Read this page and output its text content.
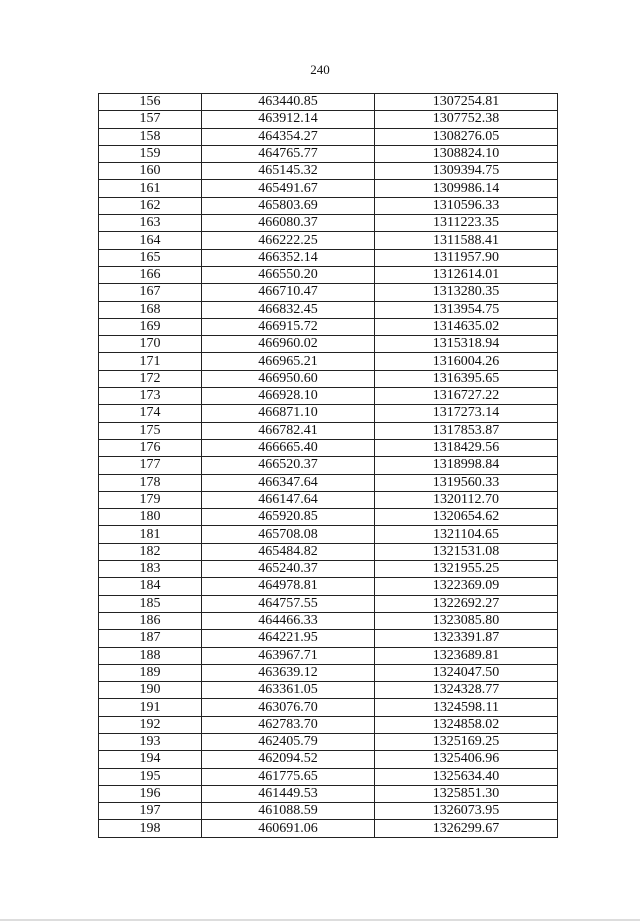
240
156	463440.85	1307254.81
157	463912.14	1307752.38
158	464354.27	1308276.05
159	464765.77	1308824.10
160	465145.32	1309394.75
161	465491.67	1309986.14
162	465803.69	1310596.33
163	466080.37	1311223.35
164	466222.25	1311588.41
165	466352.14	1311957.90
166	466550.20	1312614.01
167	466710.47	1313280.35
168	466832.45	1313954.75
169	466915.72	1314635.02
170	466960.02	1315318.94
171	466965.21	1316004.26
172	466950.60	1316395.65
173	466928.10	1316727.22
174	466871.10	1317273.14
175	466782.41	1317853.87
176	466665.40	1318429.56
177	466520.37	1318998.84
178	466347.64	1319560.33
179	466147.64	1320112.70
180	465920.85	1320654.62
181	465708.08	1321104.65
182	465484.82	1321531.08
183	465240.37	1321955.25
184	464978.81	1322369.09
185	464757.55	1322692.27
186	464466.33	1323085.80
187	464221.95	1323391.87
188	463967.71	1323689.81
189	463639.12	1324047.50
190	463361.05	1324328.77
191	463076.70	1324598.11
192	462783.70	1324858.02
193	462405.79	1325169.25
194	462094.52	1325406.96
195	461775.65	1325634.40
196	461449.53	1325851.30
197	461088.59	1326073.95
198	460691.06	1326299.67
